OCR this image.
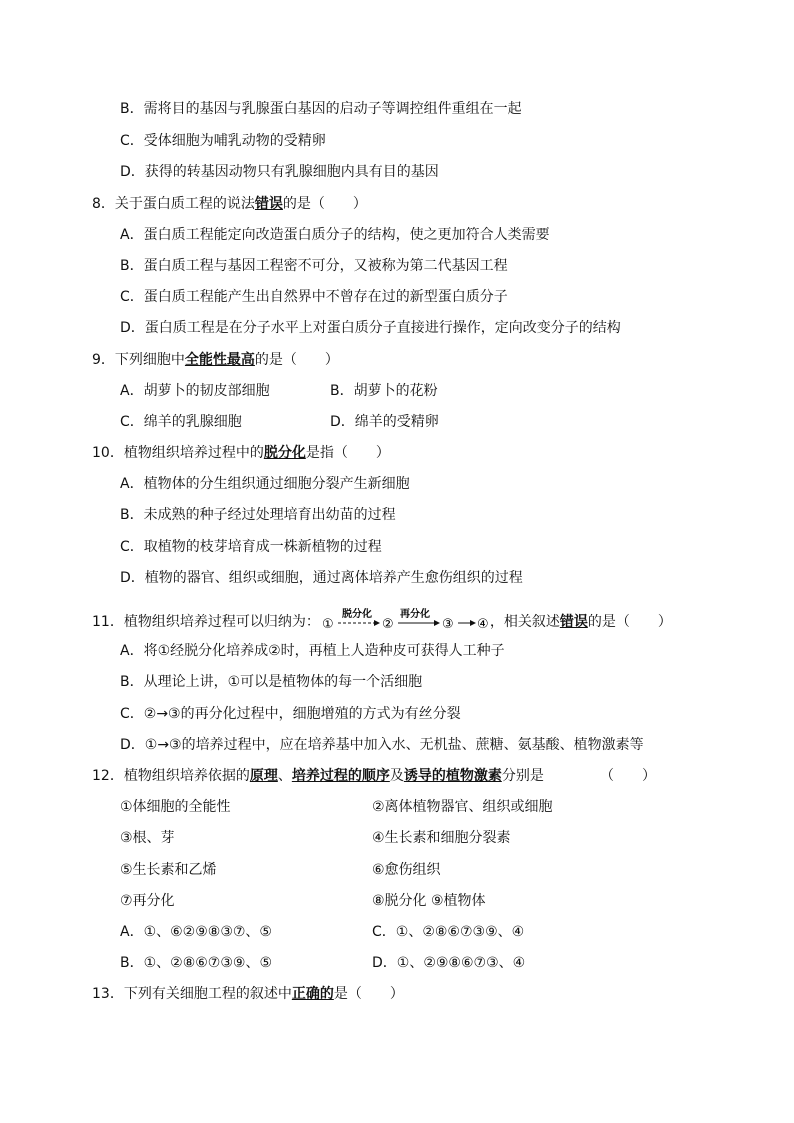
B．需将目的基因与乳腺蛋白基因的启动子等调控组件重组在一起
C．受体细胞为哺乳动物的受精卵
D．获得的转基因动物只有乳腺细胞内具有目的基因
8．关于蛋白质工程的说法错误的是（　　）
A．蛋白质工程能定向改造蛋白质分子的结构，使之更加符合人类需要
B．蛋白质工程与基因工程密不可分，又被称为第二代基因工程
C．蛋白质工程能产生出自然界中不曾存在过的新型蛋白质分子
D．蛋白质工程是在分子水平上对蛋白质分子直接进行操作，定向改变分子的结构
9．下列细胞中全能性最高的是（　　）
A．胡萝卜的韧皮部细胞	B．胡萝卜的花粉
C．绵羊的乳腺细胞	D．绵羊的受精卵
10．植物组织培养过程中的脱分化是指（　　）
A．植物体的分生组织通过细胞分裂产生新细胞
B．未成熟的种子经过处理培育出幼苗的过程
C．取植物的枝芽培育成一株新植物的过程
D．植物的器官、组织或细胞，通过离体培养产生愈伤组织的过程
11．植物组织培养过程可以归纳为： ①
脱分化
②
再分化
③ ④ ，相关叙述错误的是（　　）
A．将①经脱分化培养成②时，再植上人造种皮可获得人工种子
B．从理论上讲，①可以是植物体的每一个活细胞
C．②→③的再分化过程中，细胞增殖的方式为有丝分裂
D．①→③的培养过程中，应在培养基中加入水、无机盐、蔗糖、氨基酸、植物激素等
12．植物组织培养依据的原理、培养过程的顺序及诱导的植物激素分别是	（　　）
①体细胞的全能性	②离体植物器官、组织或细胞
③根、芽	④生长素和细胞分裂素
⑤生长素和乙烯	⑥愈伤组织
⑦再分化	⑧脱分化 ⑨植物体
A．①、⑥②⑨⑧③⑦、⑤	C．①、②⑧⑥⑦③⑨、④
B．①、②⑧⑥⑦③⑨、⑤	D．①、②⑨⑧⑥⑦③、④
13．下列有关细胞工程的叙述中正确的是（　　）
